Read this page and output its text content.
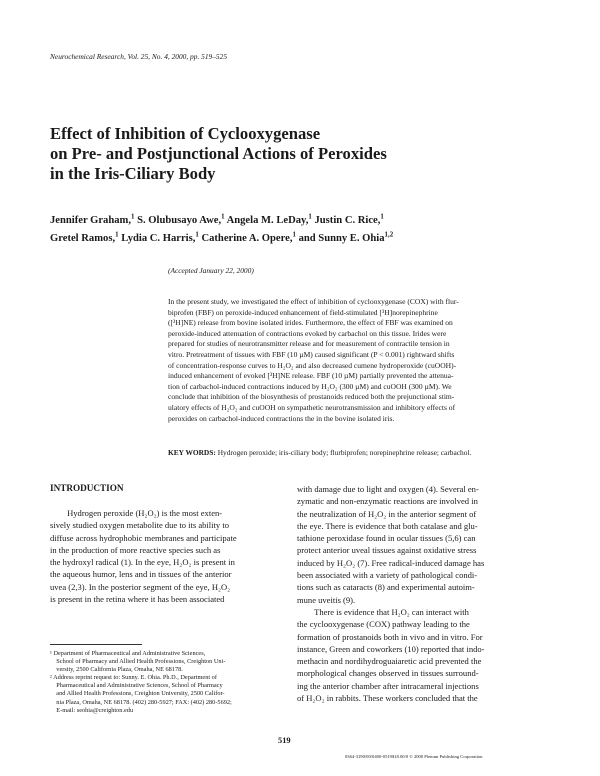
Neurochemical Research, Vol. 25, No. 4, 2000, pp. 519–525
Effect of Inhibition of Cyclooxygenase
on Pre- and Postjunctional Actions of Peroxides
in the Iris-Ciliary Body
Jennifer Graham,$^1$ S. Olubusayo Awe,$^1$ Angela M. LeDay,$^1$ Justin C. Rice,$^1$
Gretel Ramos,$^1$ Lydia C. Harris,$^1$ Catherine A. Opere,$^1$ and Sunny E. Ohia$^{1,2}$
(Accepted January 22, 2000)
In the present study, we investigated the effect of inhibition of cyclooxygenase (COX) with flur-
biprofen (FBF) on peroxide-induced enhancement of field-stimulated [³H]norepinephrine
([³H]NE) release from bovine isolated irides. Furthermore, the effect of FBF was examined on
peroxide-induced attenuation of contractions evoked by carbachol on this tissue. Irides were
prepared for studies of neurotransmitter release and for measurement of contractile tension in
vitro. Pretreatment of tissues with FBF (10 µM) caused significant (P < 0.001) rightward shifts
of concentration-response curves to H₂O₂ and also decreased cumene hydroperoxide (cuOOH)-
induced enhancement of evoked [³H]NE release. FBF (10 µM) partially prevented the attenua-
tion of carbachol-induced contractions induced by H₂O₂ (300 µM) and cuOOH (300 µM). We
conclude that inhibition of the biosynthesis of prostanoids reduced both the prejunctional stim-
ulatory effects of H₂O₂ and cuOOH on sympathetic neurotransmission and inhibitory effects of
peroxides on carbachol-induced contractions the in the bovine isolated iris.
KEY WORDS: Hydrogen peroxide; iris-ciliary body; flurbiprofen; norepinephrine release; carbachol.
INTRODUCTION
  Hydrogen peroxide (H₂O₂) is the most exten-
sively studied oxygen metabolite due to its ability to
diffuse across hydrophobic membranes and participate
in the production of more reactive species such as
the hydroxyl radical (1). In the eye, H₂O₂ is present in
the aqueous humor, lens and in tissues of the anterior
uvea (2,3). In the posterior segment of the eye, H₂O₂
is present in the retina where it has been associated
with damage due to light and oxygen (4). Several en-
zymatic and non-enzymatic reactions are involved in
the neutralization of H₂O₂ in the anterior segment of
the eye. There is evidence that both catalase and glu-
tathione peroxidase found in ocular tissues (5,6) can
protect anterior uveal tissues against oxidative stress
induced by H₂O₂ (7). Free radical-induced damage has
been associated with a variety of pathological condi-
tions such as cataracts (8) and experimental autoim-
mune uveitis (9).
  There is evidence that H₂O₂ can interact with
the cyclooxygenase (COX) pathway leading to the
formation of prostanoids both in vivo and in vitro. For
instance, Green and coworkers (10) reported that indo-
methacin and nordihydroguaiaretic acid prevented the
morphological changes observed in tissues surround-
ing the anterior chamber after intracameral injections
of H₂O₂ in rabbits. These workers concluded that the
¹ Department of Pharmaceutical and Administrative Sciences,
 School of Pharmacy and Allied Health Professions, Creighton Uni-
 versity, 2500 California Plaza, Omaha, NE 68178.
² Address reprint request to: Sunny. E. Ohia. Ph.D., Department of
 Pharmaceutical and Administrative Sciences, School of Pharmacy
 and Allied Health Professions, Creighton University, 2500 Califor-
 nia Plaza, Omaha, NE 68178. (402) 280-5927; FAX: (402) 280-5692;
 E-mail: seohia@creighton.edu
519
0364-3190/00/0400-0519$18.00/0 © 2000 Plenum Publishing Corporation
